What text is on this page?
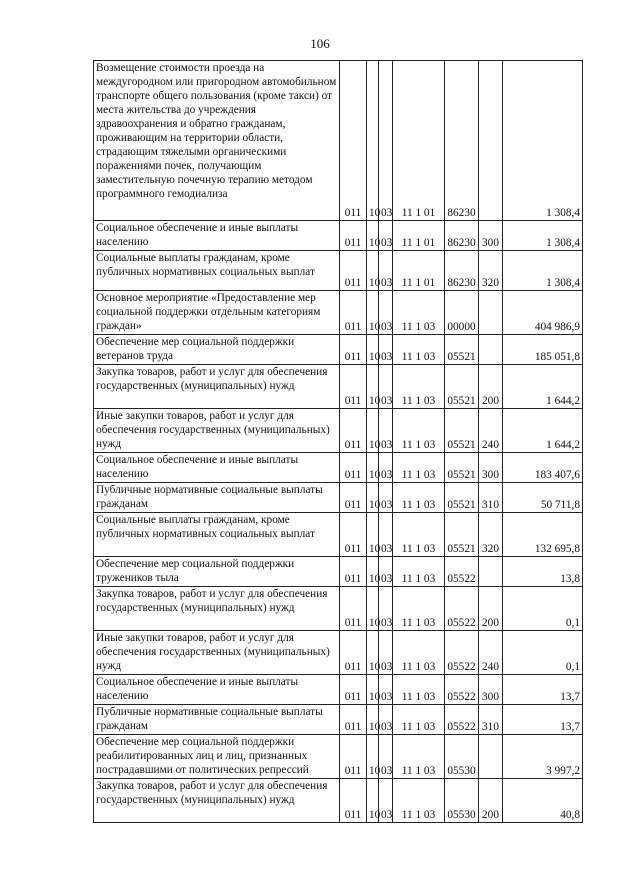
106
Возмещение стоимости проезда на междугородном или пригородном автомобильном транспорте общего пользования (кроме такси) от места жительства до учреждения здравоохранения и обратно гражданам, проживающим на территории области, страдающим тяжелыми органическими поражениями почек, получающим заместительную почечную терапию методом программного гемодиализа	011	10	03	11 1 01	86230		1 308,4
Социальное обеспечение и иные выплаты населению	011	10	03	11 1 01	86230	300	1 308,4
Социальные выплаты гражданам, кроме публичных нормативных социальных выплат	011	10	03	11 1 01	86230	320	1 308,4
Основное мероприятие «Предоставление мер социальной поддержки отдельным категориям граждан»	011	10	03	11 1 03	00000		404 986,9
Обеспечение мер социальной поддержки ветеранов труда	011	10	03	11 1 03	05521		185 051,8
Закупка товаров, работ и услуг для обеспечения государственных (муниципальных) нужд	011	10	03	11 1 03	05521	200	1 644,2
Иные закупки товаров, работ и услуг для обеспечения государственных (муниципальных) нужд	011	10	03	11 1 03	05521	240	1 644,2
Социальное обеспечение и иные выплаты населению	011	10	03	11 1 03	05521	300	183 407,6
Публичные нормативные социальные выплаты гражданам	011	10	03	11 1 03	05521	310	50 711,8
Социальные выплаты гражданам, кроме публичных нормативных социальных выплат	011	10	03	11 1 03	05521	320	132 695,8
Обеспечение мер социальной поддержки тружеников тыла	011	10	03	11 1 03	05522		13,8
Закупка товаров, работ и услуг для обеспечения государственных (муниципальных) нужд	011	10	03	11 1 03	05522	200	0,1
Иные закупки товаров, работ и услуг для обеспечения государственных (муниципальных) нужд	011	10	03	11 1 03	05522	240	0,1
Социальное обеспечение и иные выплаты населению	011	10	03	11 1 03	05522	300	13,7
Публичные нормативные социальные выплаты гражданам	011	10	03	11 1 03	05522	310	13,7
Обеспечение мер социальной поддержки реабилитированных лиц и лиц, признанных пострадавшими от политических репрессий	011	10	03	11 1 03	05530		3 997,2
Закупка товаров, работ и услуг для обеспечения государственных (муниципальных) нужд	011	10	03	11 1 03	05530	200	40,8
